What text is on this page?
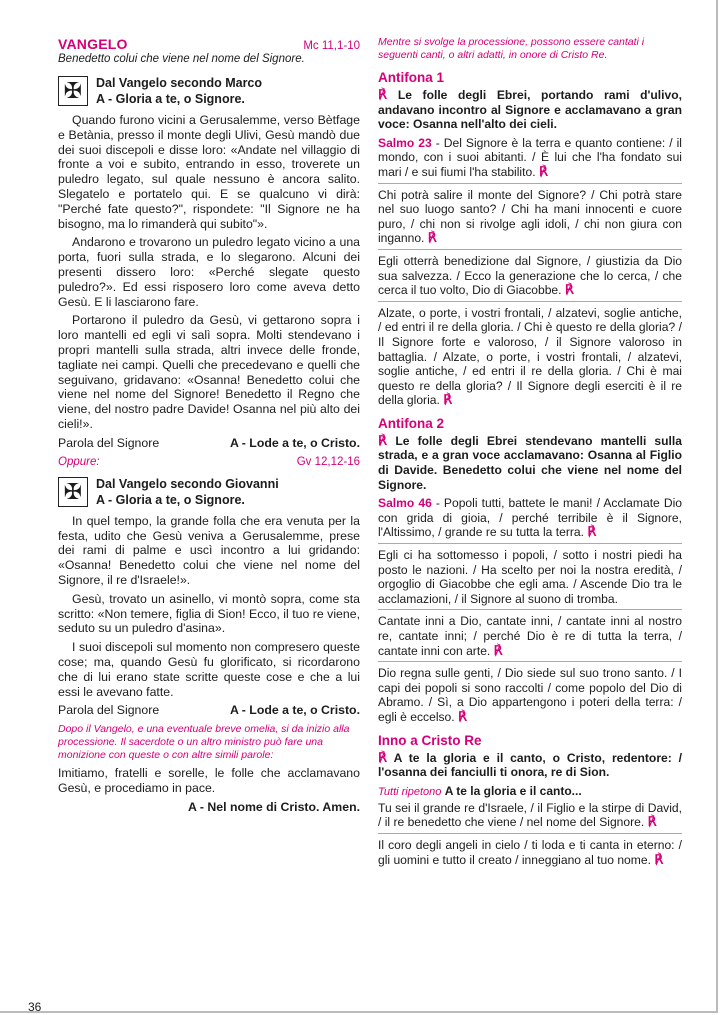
VANGELO	Mc 11,1-10
Benedetto colui che viene nel nome del Signore.
✠	Dal Vangelo secondo Marco
A - Gloria a te, o Signore.

Quando furono vicini a Gerusalemme, verso Bètfage e Betània, presso il monte degli Ulivi, Gesù mandò due dei suoi discepoli e disse loro: «Andate nel villaggio di fronte a voi e subito, entrando in esso, troverete un puledro legato, sul quale nessuno è ancora salito. Slegatelo e portatelo qui. E se qualcuno vi dirà: "Perché fate questo?", rispondete: "Il Signore ne ha bisogno, ma lo rimanderà qui subito"».

Andarono e trovarono un puledro legato vicino a una porta, fuori sulla strada, e lo slegarono. Alcuni dei presenti dissero loro: «Perché slegate questo puledro?». Ed essi risposero loro come aveva detto Gesù. E li lasciarono fare.

Portarono il puledro da Gesù, vi gettarono sopra i loro mantelli ed egli vi salì sopra. Molti stendevano i propri mantelli sulla strada, altri invece delle fronde, tagliate nei campi. Quelli che precedevano e quelli che seguivano, gridavano: «Osanna! Benedetto colui che viene nel nome del Signore! Benedetto il Regno che viene, del nostro padre Davide! Osanna nel più alto dei cieli!».

Parola del Signore	A - Lode a te, o Cristo.
Oppure:	Gv 12,12-16
✠	Dal Vangelo secondo Giovanni
A - Gloria a te, o Signore.

In quel tempo, la grande folla che era venuta per la festa, udito che Gesù veniva a Gerusalemme, prese dei rami di palme e uscì incontro a lui gridando: «Osanna! Benedetto colui che viene nel nome del Signore, il re d'Israele!».

Gesù, trovato un asinello, vi montò sopra, come sta scritto: «Non temere, figlia di Sion! Ecco, il tuo re viene, seduto su un puledro d'asina».

I suoi discepoli sul momento non compresero queste cose; ma, quando Gesù fu glorificato, si ricordarono che di lui erano state scritte queste cose e che a lui essi le avevano fatte.

Parola del Signore	A - Lode a te, o Cristo.
Dopo il Vangelo, e una eventuale breve omelia, si da inizio alla processione. Il sacerdote o un altro ministro può fare una monizione con queste o con altre simili parole:

Imitiamo, fratelli e sorelle, le folle che acclamavano Gesù, e procediamo in pace.

A - Nel nome di Cristo. Amen.
36
Mentre si svolge la processione, possono essere cantati i seguenti canti, o altri adatti, in onore di Cristo Re.
Antifona 1

℟ Le folle degli Ebrei, portando rami d'ulivo, andavano incontro al Signore e acclamavano a gran voce: Osanna nell'alto dei cieli.

Salmo 23 - Del Signore è la terra e quanto contiene: / il mondo, con i suoi abitanti. / È lui che l'ha fondato sui mari / e sui fiumi l'ha stabilito. ℟

Chi potrà salire il monte del Signore? / Chi potrà stare nel suo luogo santo? / Chi ha mani innocenti e cuore puro, / chi non si rivolge agli idoli, / chi non giura con inganno. ℟

Egli otterrà benedizione dal Signore, / giustizia da Dio sua salvezza. / Ecco la generazione che lo cerca, / che cerca il tuo volto, Dio di Giacobbe. ℟

Alzate, o porte, i vostri frontali, / alzatevi, soglie antiche, / ed entri il re della gloria. / Chi è questo re della gloria? / Il Signore forte e valoroso, / il Signore valoroso in battaglia. / Alzate, o porte, i vostri frontali, / alzatevi, soglie antiche, / ed entri il re della gloria. / Chi è mai questo re della gloria? / Il Signore degli eserciti è il re della gloria. ℟

Antifona 2

℟ Le folle degli Ebrei stendevano mantelli sulla strada, e a gran voce acclamavano: Osanna al Figlio di Davide. Benedetto colui che viene nel nome del Signore.

Salmo 46 - Popoli tutti, battete le mani! / Acclamate Dio con grida di gioia, / perché terribile è il Signore, l'Altissimo, / grande re su tutta la terra. ℟

Egli ci ha sottomesso i popoli, / sotto i nostri piedi ha posto le nazioni. / Ha scelto per noi la nostra eredità, / orgoglio di Giacobbe che egli ama. / Ascende Dio tra le acclamazioni, / il Signore al suono di tromba.

Cantate inni a Dio, cantate inni, / cantate inni al nostro re, cantate inni; / perché Dio è re di tutta la terra, / cantate inni con arte. ℟

Dio regna sulle genti, / Dio siede sul suo trono santo. / I capi dei popoli si sono raccolti / come popolo del Dio di Abramo. / Sì, a Dio appartengono i poteri della terra: / egli è eccelso. ℟

Inno a Cristo Re

℟ A te la gloria e il canto, o Cristo, redentore: / l'osanna dei fanciulli ti onora, re di Sion.

Tutti ripetono A te la gloria e il canto...

Tu sei il grande re d'Israele, / il Figlio e la stirpe di David, / il re benedetto che viene / nel nome del Signore. ℟

Il coro degli angeli in cielo / ti loda e ti canta in eterno: / gli uomini e tutto il creato / inneggiano al tuo nome. ℟
